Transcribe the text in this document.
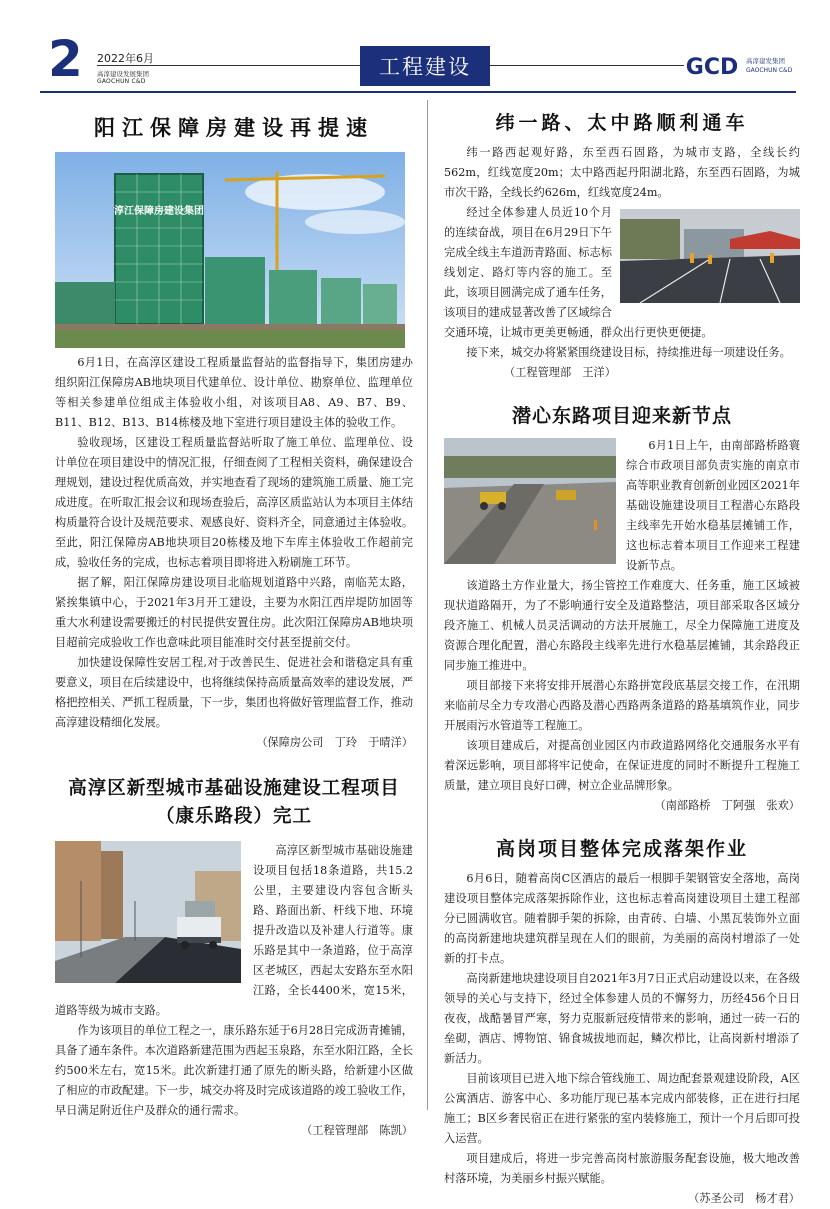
2 2022年6月
高淳建设发展集团
GAOCHUN C&D
工程建设	GCD 高淳建发集团
GAOCHUN C&D
阳江保障房建设再提速
淳江保障房建设集团

6月1日，在高淳区建设工程质量监督站的监督指导下，集团房建办组织阳江保障房AB地块项目代建单位、设计单位、勘察单位、监理单位等相关参建单位组成主体验收小组，对该项目A8、A9、B7、B9、B11、B12、B13、B14栋楼及地下室进行项目建设主体的验收工作。

验收现场，区建设工程质量监督站听取了施工单位、监理单位、设计单位在项目建设中的情况汇报，仔细查阅了工程相关资料，确保建设合理规划，建设过程优质高效，并实地查看了现场的建筑施工质量、施工完成进度。在听取汇报会议和现场查验后，高淳区质监站认为本项目主体结构质量符合设计及规范要求、观感良好、资料齐全，同意通过主体验收。至此，阳江保障房AB地块项目20栋楼及地下车库主体验收工作超前完成，验收任务的完成，也标志着项目即将进入粉刷施工环节。

据了解，阳江保障房建设项目北临规划道路中兴路，南临芜太路，紧挨集镇中心，于2021年3月开工建设，主要为水阳江西岸堤防加固等重大水利建设需要搬迁的村民提供安置住房。此次阳江保障房AB地块项目超前完成验收工作也意味此项目能准时交付甚至提前交付。

加快建设保障性安居工程,对于改善民生、促进社会和谐稳定具有重要意义，项目在后续建设中，也将继续保持高质量高效率的建设发展，严格把控相关、严抓工程质量，下一步，集团也将做好管理监督工作，推动高淳建设精细化发展。

（保障房公司　丁玲　于晴洋）

高淳区新型城市基础设施建设工程项目
（康乐路段）完工

高淳区新型城市基础设施建设项目包括18条道路，共15.2公里，主要建设内容包含断头路、路面出新、杆线下地、环境提升改造以及补建人行道等。康乐路是其中一条道路，位于高淳区老城区，西起太安路东至水阳江路，全长4400米，宽15米，道路等级为城市支路。

作为该项目的单位工程之一，康乐路东延于6月28日完成沥青摊铺，具备了通车条件。本次道路新建范围为西起玉泉路，东至水阳江路，全长约500米左右，宽15米。此次新建打通了原先的断头路，给新建小区做了相应的市政配建。下一步，城交办将及时完成该道路的竣工验收工作，早日满足附近住户及群众的通行需求。

（工程管理部　陈凯）

纬一路、太中路顺利通车

纬一路西起观好路，东至西石固路，为城市支路，全线长约562m，红线宽度20m；太中路西起丹阳湖北路，东至西石固路，为城市次干路，全线长约626m，红线宽度24m。

经过全体参建人员近10个月的连续奋战，项目在6月29日下午完成全线主车道沥青路面、标志标线划定、路灯等内容的施工。至此，该项目圆满完成了通车任务，该项目的建成显著改善了区域综合交通环境，让城市更美更畅通，群众出行更快更便捷。

接下来，城交办将紧紧围绕建设目标，持续推进每一项建设任务。

（工程管理部　王洋）

潜心东路项目迎来新节点

6月1日上午，由南部路桥路寰综合市政项目部负责实施的南京市高等职业教育创新创业园区2021年基础设施建设项目工程潜心东路段主线率先开始水稳基层摊铺工作，这也标志着本项目工作迎来工程建设新节点。

该道路土方作业量大，扬尘管控工作难度大、任务重，施工区域被现状道路隔开，为了不影响通行安全及道路整洁，项目部采取各区域分段齐施工、机械人员灵活调动的方法开展施工，尽全力保障施工进度及资源合理化配置，潜心东路段主线率先进行水稳基层摊铺，其余路段正同步施工推进中。

项目部接下来将安排开展潜心东路拼宽段底基层交接工作，在汛期来临前尽全力专攻潜心西路及潜心西路两条道路的路基填筑作业，同步开展雨污水管道等工程施工。

该项目建成后，对提高创业园区内市政道路网络化交通服务水平有着深远影响，项目部将牢记使命，在保证进度的同时不断提升工程施工质量，建立项目良好口碑，树立企业品牌形象。

（南部路桥　丁阿强　张欢）

高岗项目整体完成落架作业

6月6日，随着高岗C区酒店的最后一根脚手架钢管安全落地，高岗建设项目整体完成落架拆除作业，这也标志着高岗建设项目土建工程部分已圆满收官。随着脚手架的拆除，由青砖、白墙、小黑瓦装饰外立面的高岗新建地块建筑群呈现在人们的眼前，为美丽的高岗村增添了一处新的打卡点。

高岗新建地块建设项目自2021年3月7日正式启动建设以来，在各级领导的关心与支持下，经过全体参建人员的不懈努力，历经456个日日夜夜，战酷暑冒严寒，努力克服新冠疫情带来的影响，通过一砖一石的垒砌，酒店、博物馆、锦食城拔地而起，鳞次栉比，让高岗新村增添了新活力。

目前该项目已进入地下综合管线施工、周边配套景观建设阶段，A区公寓酒店、游客中心、多功能厅现已基本完成内部装修，正在进行扫尾施工；B区乡奢民宿正在进行紧张的室内装修施工，预计一个月后即可投入运营。

项目建成后，将进一步完善高岗村旅游服务配套设施，极大地改善村落环境，为美丽乡村振兴赋能。

（苏圣公司　杨才君）
